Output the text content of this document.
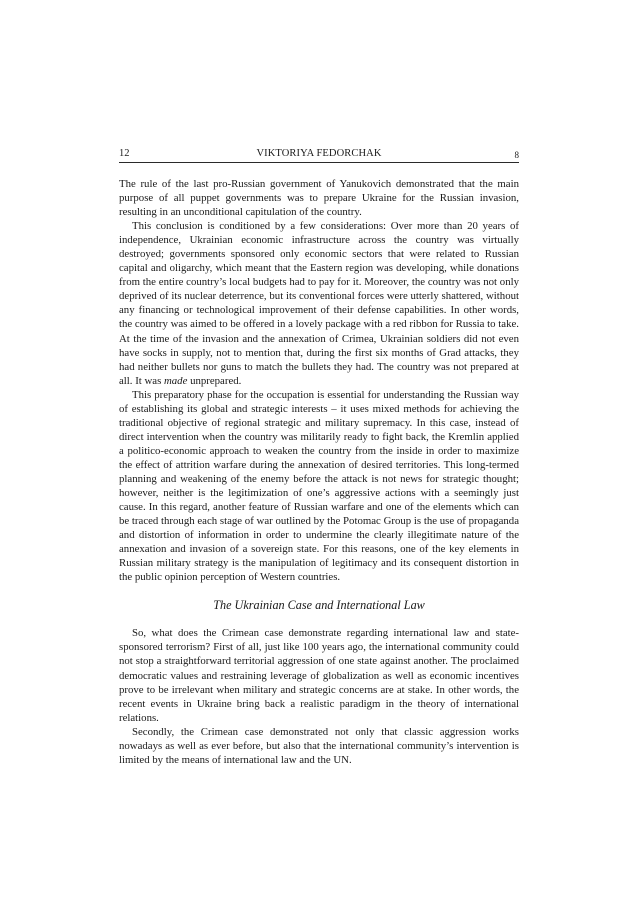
12	VIKTORIYA FEDORCHAK	8

The rule of the last pro-Russian government of Yanukovich demonstrated that the main purpose of all puppet governments was to prepare Ukraine for the Russian invasion, resulting in an unconditional capitulation of the country.

This conclusion is conditioned by a few considerations: Over more than 20 years of independence, Ukrainian economic infrastructure across the country was virtually destroyed; governments sponsored only economic sectors that were related to Russian capital and oligarchy, which meant that the Eastern region was developing, while donations from the entire country’s local budgets had to pay for it. Moreover, the country was not only deprived of its nuclear deterrence, but its conventional forces were utterly shattered, without any financing or technological improvement of their defense capabilities. In other words, the country was aimed to be offered in a lovely package with a red ribbon for Russia to take. At the time of the invasion and the annexation of Crimea, Ukrainian soldiers did not even have socks in supply, not to mention that, during the first six months of Grad attacks, they had neither bullets nor guns to match the bullets they had. The country was not prepared at all. It was made unprepared.

This preparatory phase for the occupation is essential for understanding the Russian way of establishing its global and strategic interests – it uses mixed methods for achieving the traditional objective of regional strategic and military supremacy. In this case, instead of direct intervention when the country was militarily ready to fight back, the Kremlin applied a politico-economic approach to weaken the country from the inside in order to maximize the effect of attrition warfare during the annexation of desired territories. This long-termed planning and weakening of the enemy before the attack is not news for strategic thought; however, neither is the legitimization of one’s aggressive actions with a seemingly just cause. In this regard, another feature of Russian warfare and one of the elements which can be traced through each stage of war outlined by the Potomac Group is the use of propaganda and distortion of information in order to undermine the clearly illegitimate nature of the annexation and invasion of a sovereign state. For this reasons, one of the key elements in Russian military strategy is the manipulation of legitimacy and its consequent distortion in the public opinion perception of Western countries.

The Ukrainian Case and International Law

So, what does the Crimean case demonstrate regarding international law and state-sponsored terrorism? First of all, just like 100 years ago, the international community could not stop a straightforward territorial aggression of one state against another. The proclaimed democratic values and restraining leverage of globalization as well as economic incentives prove to be irrelevant when military and strategic concerns are at stake. In other words, the recent events in Ukraine bring back a realistic paradigm in the theory of international relations.

Secondly, the Crimean case demonstrated not only that classic aggression works nowadays as well as ever before, but also that the international community’s intervention is limited by the means of international law and the UN.
